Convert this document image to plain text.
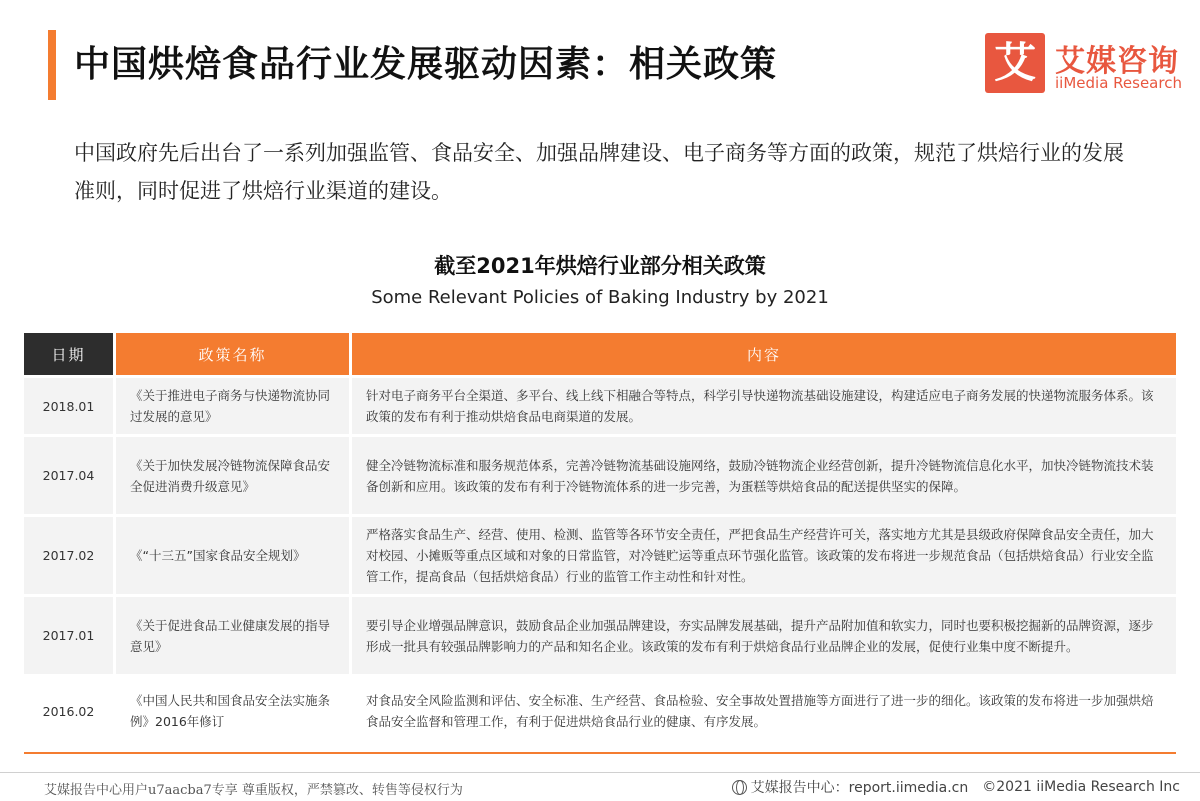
中国烘焙食品行业发展驱动因素：相关政策	艾 艾媒咨询
iiMedia Research

中国政府先后出台了一系列加强监管、食品安全、加强品牌建设、电子商务等方面的政策，规范了烘焙行业的发展准则，同时促进了烘焙行业渠道的建设。

截至2021年烘焙行业部分相关政策
Some Relevant Policies of Baking Industry by 2021
日期	政策名称	内容
2018.01	《关于推进电子商务与快递物流协同过发展的意见》	针对电子商务平台全渠道、多平台、线上线下相融合等特点，科学引导快递物流基础设施建设，构建适应电子商务发展的快递物流服务体系。该政策的发布有利于推动烘焙食品电商渠道的发展。
2017.04	《关于加快发展冷链物流保障食品安全促进消费升级意见》	健全冷链物流标准和服务规范体系，完善冷链物流基础设施网络，鼓励冷链物流企业经营创新，提升冷链物流信息化水平，加快冷链物流技术装备创新和应用。该政策的发布有利于冷链物流体系的进一步完善，为蛋糕等烘焙食品的配送提供坚实的保障。
2017.02	《“十三五”国家食品安全规划》	严格落实食品生产、经营、使用、检测、监管等各环节安全责任，严把食品生产经营许可关，落实地方尤其是县级政府保障食品安全责任，加大对校园、小摊贩等重点区域和对象的日常监管，对冷链贮运等重点环节强化监管。该政策的发布将进一步规范食品（包括烘焙食品）行业安全监管工作，提高食品（包括烘焙食品）行业的监管工作主动性和针对性。
2017.01	《关于促进食品工业健康发展的指导意见》	要引导企业增强品牌意识，鼓励食品企业加强品牌建设，夯实品牌发展基础，提升产品附加值和软实力，同时也要积极挖掘新的品牌资源，逐步形成一批具有较强品牌影响力的产品和知名企业。该政策的发布有利于烘焙食品行业品牌企业的发展，促使行业集中度不断提升。
2016.02	《中国人民共和国食品安全法实施条例》2016年修订	对食品安全风险监测和评估、安全标准、生产经营、食品检验、安全事故处置措施等方面进行了进一步的细化。该政策的发布将进一步加强烘焙食品安全监督和管理工作，有利于促进烘焙食品行业的健康、有序发展。
艾媒报告中心用户u7aacba7专享 尊重版权，严禁篡改、转售等侵权行为	艾媒报告中心：report.iimedia.cn ©2021 iiMedia Research Inc
